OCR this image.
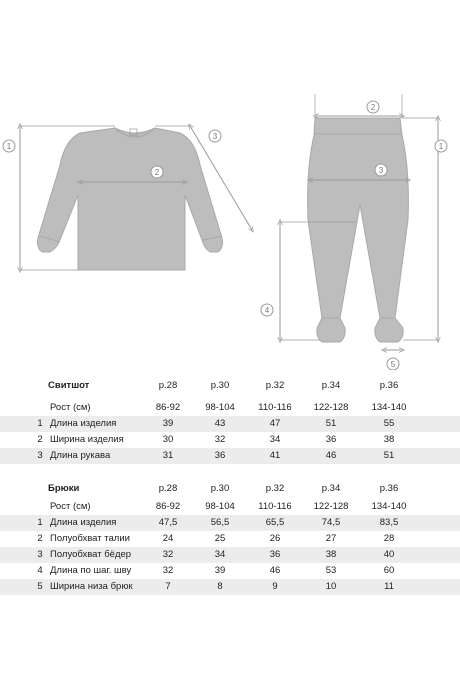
1
2
3
2
1
3
4
5
Свитшот	р.28	р.30	р.32	р.34	р.36
Рост (см)	86-92	98-104	110-116	122-128	134-140
1 Длина изделия	39	43	47	51	55
2 Ширина изделия	30	32	34	36	38
3 Длина рукава	31	36	41	46	51
Брюки	р.28	р.30	р.32	р.34	р.36
Рост (см)	86-92	98-104	110-116	122-128	134-140
1 Длина изделия	47,5	56,5	65,5	74,5	83,5
2 Полуобхват талии	24	25	26	27	28
3 Полуобхват бёдер	32	34	36	38	40
4 Длина по шаг. шву	32	39	46	53	60
5 Ширина низа брюк	7	8	9	10	11
